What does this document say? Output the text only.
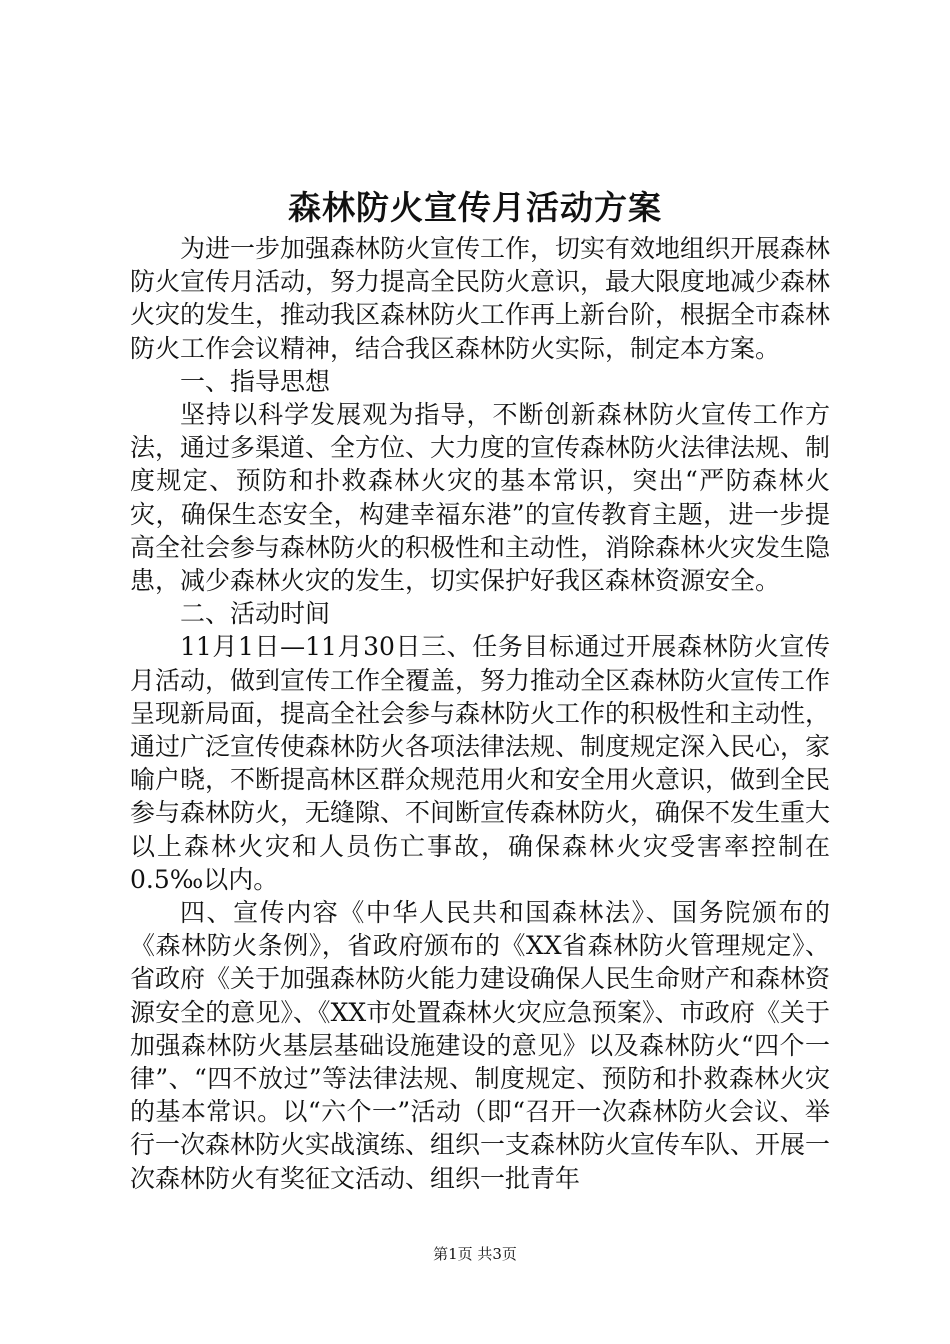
森林防火宣传月活动方案

为进一步加强森林防火宣传工作，切实有效地组织开展森林防火宣传月活动，努力提高全民防火意识，最大限度地减少森林火灾的发生，推动我区森林防火工作再上新台阶，根据全市森林防火工作会议精神，结合我区森林防火实际，制定本方案。

一、指导思想

坚持以科学发展观为指导，不断创新森林防火宣传工作方法，通过多渠道、全方位、大力度的宣传森林防火法律法规、制度规定、预防和扑救森林火灾的基本常识，突出“严防森林火灾，确保生态安全，构建幸福东港”的宣传教育主题，进一步提高全社会参与森林防火的积极性和主动性，消除森林火灾发生隐患，减少森林火灾的发生，切实保护好我区森林资源安全。

二、活动时间

11月1日—11月30日三、任务目标通过开展森林防火宣传月活动，做到宣传工作全覆盖，努力推动全区森林防火宣传工作呈现新局面，提高全社会参与森林防火工作的积极性和主动性，通过广泛宣传使森林防火各项法律法规、制度规定深入民心，家喻户晓，不断提高林区群众规范用火和安全用火意识，做到全民参与森林防火，无缝隙、不间断宣传森林防火，确保不发生重大以上森林火灾和人员伤亡事故，确保森林火灾受害率控制在0.5‰以内。

四、宣传内容《中华人民共和国森林法》、国务院颁布的《森林防火条例》，省政府颁布的《XX省森林防火管理规定》、省政府《关于加强森林防火能力建设确保人民生命财产和森林资源安全的意见》、《XX市处置森林火灾应急预案》、市政府《关于加强森林防火基层基础设施建设的意见》以及森林防火“四个一律”、“四不放过”等法律法规、制度规定、预防和扑救森林火灾的基本常识。以“六个一”活动（即“召开一次森林防火会议、举行一次森林防火实战演练、组织一支森林防火宣传车队、开展一次森林防火有奖征文活动、组织一批青年

第1页 共3页
